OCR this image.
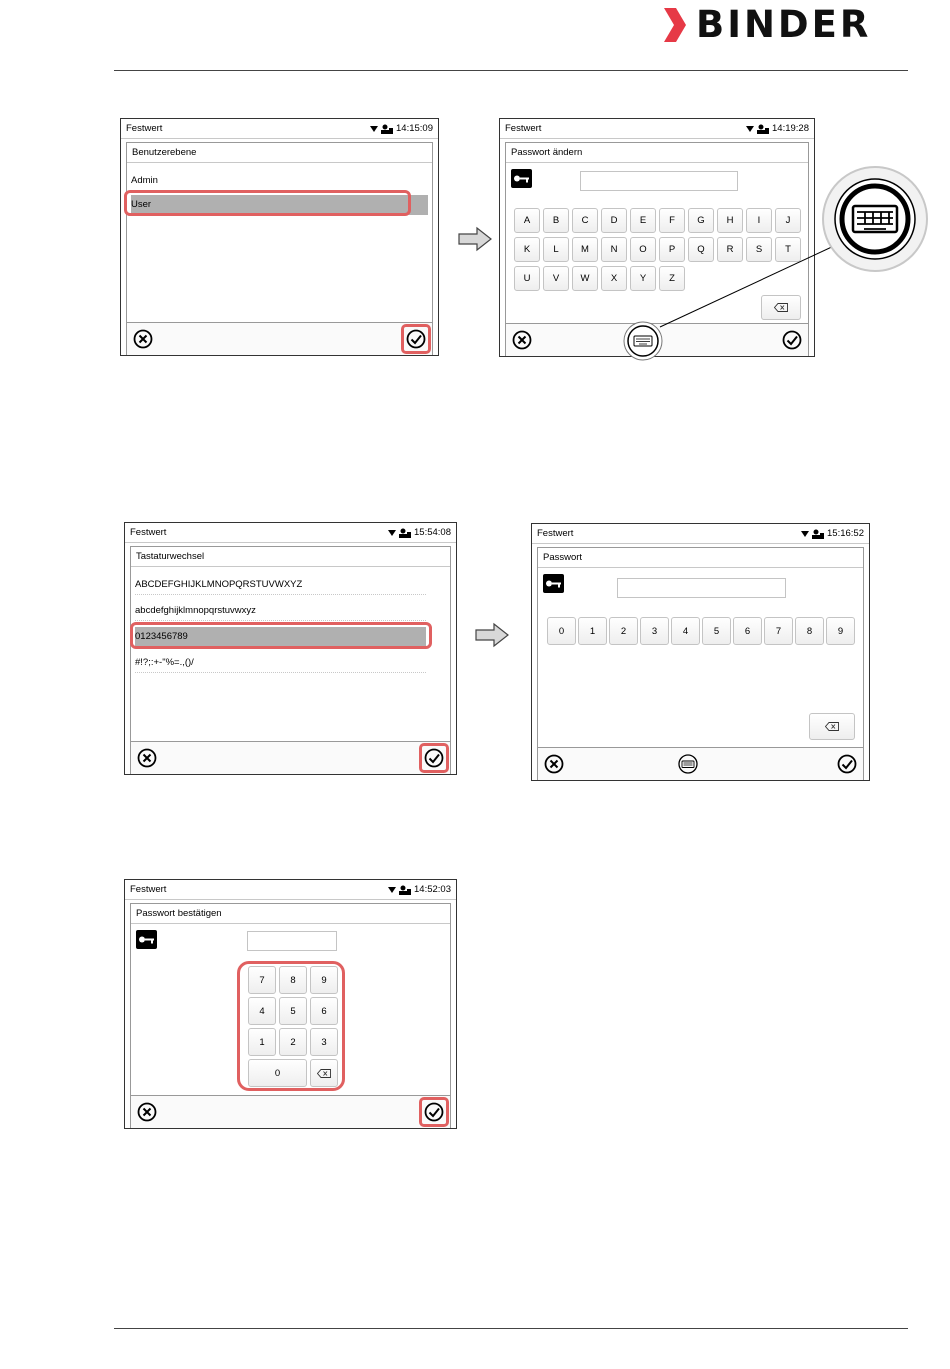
BINDER
Festwert	14:15:09
Benutzerebene
Admin
User
Festwert	14:19:28
Passwort ändern
A	B	C	D	E	F	G	H	I	J
K	L	M	N	O	P	Q	R	S	T
U	V	W	X	Y	Z
Festwert	15:54:08
Tastaturwechsel
ABCDEFGHIJKLMNOPQRSTUVWXYZ
abcdefghijklmnopqrstuvwxyz
0123456789
#!?;:+-"%=.,()/
Festwert	15:16:52
Passwort
0	1	2	3	4	5	6	7	8	9
Festwert	14:52:03
Passwort bestätigen
7	8	9
4	5	6
1	2	3
0
